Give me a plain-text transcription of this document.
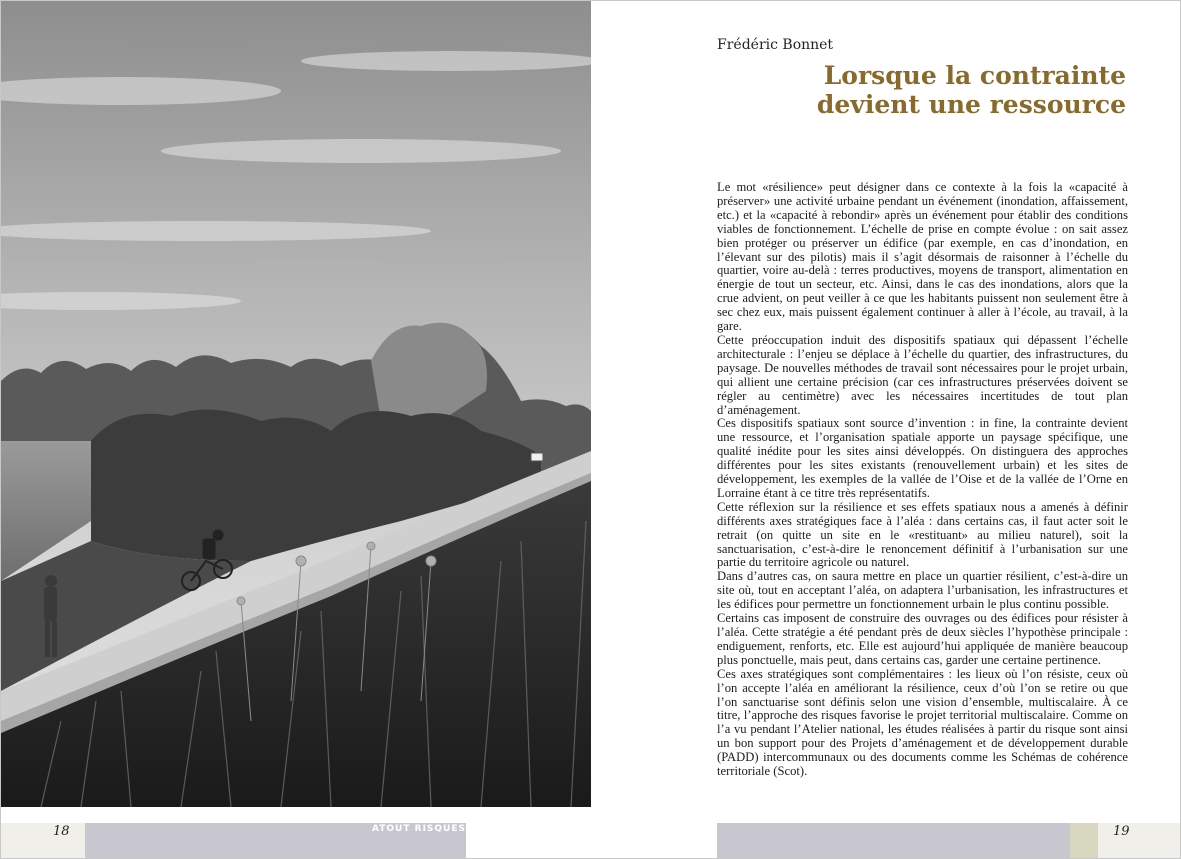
18	ATOUT RISQUES	19
Frédéric Bonnet
Lorsque la contrainte
devient une ressource

Le mot «résilience» peut désigner dans ce contexte à la fois la «capacité à préserver» une activité urbaine pendant un événement (inondation, affaissement, etc.) et la «capacité à rebondir» après un événement pour établir des conditions viables de fonctionnement. L’échelle de prise en compte évolue : on sait assez bien protéger ou préserver un édifice (par exemple, en cas d’inondation, en l’élevant sur des pilotis) mais il s’agit désormais de raisonner à l’échelle du quartier, voire au-delà : terres productives, moyens de transport, alimentation en énergie de tout un secteur, etc. Ainsi, dans le cas des inondations, alors que la crue advient, on peut veiller à ce que les habitants puissent non seulement être à sec chez eux, mais puissent également continuer à aller à l’école, au travail, à la gare.

Cette préoccupation induit des dispositifs spatiaux qui dépassent l’échelle architecturale : l’enjeu se déplace à l’échelle du quartier, des infrastructures, du paysage. De nouvelles méthodes de travail sont nécessaires pour le projet urbain, qui allient une certaine précision (car ces infrastructures préservées doivent se régler au centimètre) avec les nécessaires incertitudes de tout plan d’aménagement.

Ces dispositifs spatiaux sont source d’invention : in fine, la contrainte devient une ressource, et l’organisation spatiale apporte un paysage spécifique, une qualité inédite pour les sites ainsi développés. On distinguera des approches différentes pour les sites existants (renouvellement urbain) et les sites de développement, les exemples de la vallée de l’Oise et de la vallée de l’Orne en Lorraine étant à ce titre très représentatifs.

Cette réflexion sur la résilience et ses effets spatiaux nous a amenés à définir différents axes stratégiques face à l’aléa : dans certains cas, il faut acter soit le retrait (on quitte un site en le «restituant» au milieu naturel), soit la sanctuarisation, c’est-à-dire le renoncement définitif à l’urbanisation sur une partie du territoire agricole ou naturel.

Dans d’autres cas, on saura mettre en place un quartier résilient, c’est-à-dire un site où, tout en acceptant l’aléa, on adaptera l’urbanisation, les infrastructures et les édifices pour permettre un fonctionnement urbain le plus continu possible.

Certains cas imposent de construire des ouvrages ou des édifices pour résister à l’aléa. Cette stratégie a été pendant près de deux siècles l’hypothèse principale : endiguement, renforts, etc. Elle est aujourd’hui appliquée de manière beaucoup plus ponctuelle, mais peut, dans certains cas, garder une certaine pertinence.

Ces axes stratégiques sont complémentaires : les lieux où l’on résiste, ceux où l’on accepte l’aléa en améliorant la résilience, ceux d’où l’on se retire ou que l’on sanctuarise sont définis selon une vision d’ensemble, multiscalaire. À ce titre, l’approche des risques favorise le projet territorial multiscalaire. Comme on l’a vu pendant l’Atelier national, les études réalisées à partir du risque sont ainsi un bon support pour des Projets d’aménagement et de développement durable (PADD) intercommunaux ou des documents comme les Schémas de cohérence territoriale (Scot).
